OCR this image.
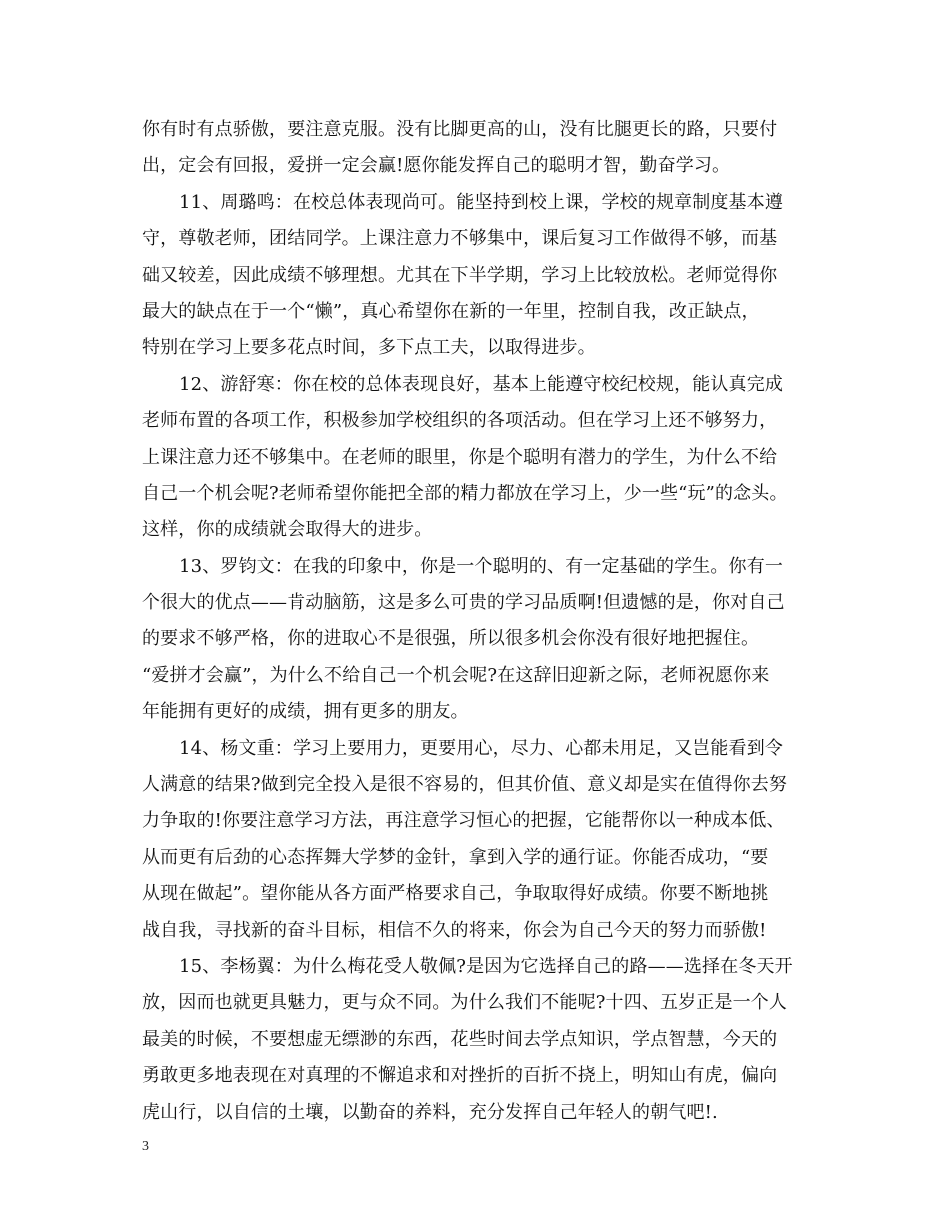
你有时有点骄傲，要注意克服。没有比脚更高的山，没有比腿更长的路，只要付
出，定会有回报，爱拼一定会赢!愿你能发挥自己的聪明才智，勤奋学习。
11、周璐鸣：在校总体表现尚可。能坚持到校上课，学校的规章制度基本遵
守，尊敬老师，团结同学。上课注意力不够集中，课后复习工作做得不够，而基
础又较差，因此成绩不够理想。尤其在下半学期，学习上比较放松。老师觉得你
最大的缺点在于一个“懒”，真心希望你在新的一年里，控制自我，改正缺点，
特别在学习上要多花点时间，多下点工夫，以取得进步。
12、游舒寒：你在校的总体表现良好，基本上能遵守校纪校规，能认真完成
老师布置的各项工作，积极参加学校组织的各项活动。但在学习上还不够努力，
上课注意力还不够集中。在老师的眼里，你是个聪明有潜力的学生，为什么不给
自己一个机会呢?老师希望你能把全部的精力都放在学习上，少一些“玩”的念头。
这样，你的成绩就会取得大的进步。
13、罗钧文：在我的印象中，你是一个聪明的、有一定基础的学生。你有一
个很大的优点——肯动脑筋，这是多么可贵的学习品质啊!但遗憾的是，你对自己
的要求不够严格，你的进取心不是很强，所以很多机会你没有很好地把握住。
“爱拼才会赢”，为什么不给自己一个机会呢?在这辞旧迎新之际，老师祝愿你来
年能拥有更好的成绩，拥有更多的朋友。
14、杨文重：学习上要用力，更要用心，尽力、心都未用足，又岂能看到令
人满意的结果?做到完全投入是很不容易的，但其价值、意义却是实在值得你去努
力争取的!你要注意学习方法，再注意学习恒心的把握，它能帮你以一种成本低、
从而更有后劲的心态挥舞大学梦的金针，拿到入学的通行证。你能否成功，“要
从现在做起”。望你能从各方面严格要求自己，争取取得好成绩。你要不断地挑
战自我，寻找新的奋斗目标，相信不久的将来，你会为自己今天的努力而骄傲!
15、李杨翼：为什么梅花受人敬佩?是因为它选择自己的路——选择在冬天开
放，因而也就更具魅力，更与众不同。为什么我们不能呢?十四、五岁正是一个人
最美的时候，不要想虚无缥渺的东西，花些时间去学点知识，学点智慧，今天的
勇敢更多地表现在对真理的不懈追求和对挫折的百折不挠上，明知山有虎，偏向
虎山行，以自信的土壤，以勤奋的养料，充分发挥自己年轻人的朝气吧!.
3
